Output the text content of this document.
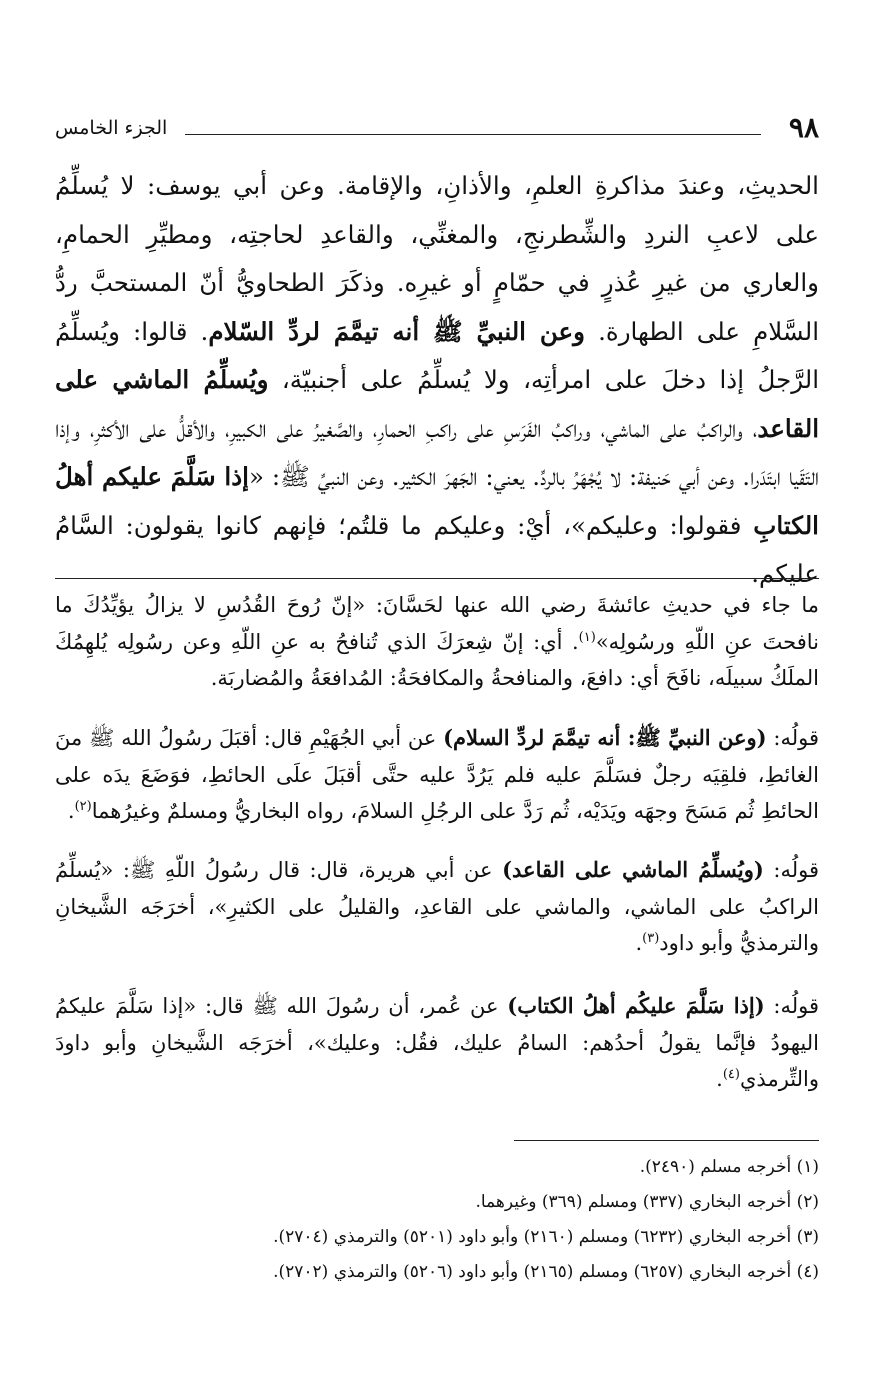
٩٨
الجزء الخامس
الحديثِ، وعندَ مذاكرةِ العلمِ، والأذانِ، والإقامة. وعن أبي يوسف: لا يُسلِّمُ على لاعبِ النردِ والشِّطرنجِ، والمغنِّي، والقاعدِ لحاجتِه، ومطيِّرِ الحمامِ، والعاري من غيرِ عُذرٍ في حمّامٍ أو غيرِه. وذكَرَ الطحاويُّ أنّ المستحبَّ ردُّ السَّلامِ على الطهارة. وعن النبيِّ ﷺ أنه تيمَّمَ لردِّ السّلام. قالوا: ويُسلِّمُ الرَّجلُ إذا دخلَ على امرأتِه، ولا يُسلِّمُ على أجنبيّة، ويُسلِّمُ الماشي على القاعد، والراكبُ على الماشي، وراكبُ الفَرَسِ على راكبِ الحمارِ، والصَّغيرُ على الكبيرِ، والأقلُّ على الأكثرِ، وإذا التَقَيا ابتَدَرا. وعن أبي حَنيفة: لا يُجْهَرُ بالردِّ. يعني: الجَهرَ الكثير. وعن النبيِّ ﷺ: «إذا سَلَّمَ عليكم أهلُ الكتابِ فقولوا: وعليكم»، أيْ: وعليكم ما قلتُم؛ فإنهم كانوا يقولون: السَّامُ عليكم.

ما جاء في حديثِ عائشةَ رضي الله عنها لحَسَّانَ: «إنّ رُوحَ القُدُسِ لا يزالُ يؤيِّدُكَ ما نافحتَ عنِ اللّهِ ورسُولِه»$^{(١)}$. أي: إنّ شِعرَكَ الذي تُنافحُ به عنِ اللّهِ وعن رسُولِه يُلهِمُكَ الملَكُ سبيلَه، نافَحَ أي: دافعَ، والمنافحةُ والمكافحَةُ: المُدافعَةُ والمُضاربَة.

قولُه: (وعن النبيِّ ﷺ: أنه تيمَّمَ لردِّ السلام) عن أبي الجُهَيْمِ قال: أقبَلَ رسُولُ الله ﷺ منَ الغائطِ، فلقِيَه رجلٌ فسَلَّمَ عليه فلم يَرُدَّ عليه حتَّى أقبَلَ علَى الحائطِ، فوَضَعَ يدَه على الحائطِ ثُم مَسَحَ وجهَه ويَدَيْه، ثُم رَدَّ على الرجُلِ السلامَ، رواه البخاريُّ ومسلمٌ وغيرُهما$^{(٢)}$.

قولُه: (ويُسلِّمُ الماشي على القاعد) عن أبي هريرة، قال: قال رسُولُ اللّهِ ﷺ: «يُسلِّمُ الراكبُ على الماشي، والماشي على القاعدِ، والقليلُ على الكثيرِ»، أخرَجَه الشَّيخانِ والترمذيُّ وأبو داود$^{(٣)}$.

قولُه: (إذا سَلَّمَ عليكُم أهلُ الكتاب) عن عُمر، أن رسُولَ الله ﷺ قال: «إذا سَلَّمَ عليكمُ اليهودُ فإنَّما يقولُ أحدُهم: السامُ عليك، فقُل: وعليك»، أخرَجَه الشَّيخانِ وأبو داودَ والتِّرمذي$^{(٤)}$.

(١) أخرجه مسلم (٢٤٩٠).
(٢) أخرجه البخاري (٣٣٧) ومسلم (٣٦٩) وغيرهما.
(٣) أخرجه البخاري (٦٢٣٢) ومسلم (٢١٦٠) وأبو داود (٥٢٠١) والترمذي (٢٧٠٤).
(٤) أخرجه البخاري (٦٢٥٧) ومسلم (٢١٦٥) وأبو داود (٥٢٠٦) والترمذي (٢٧٠٢).
